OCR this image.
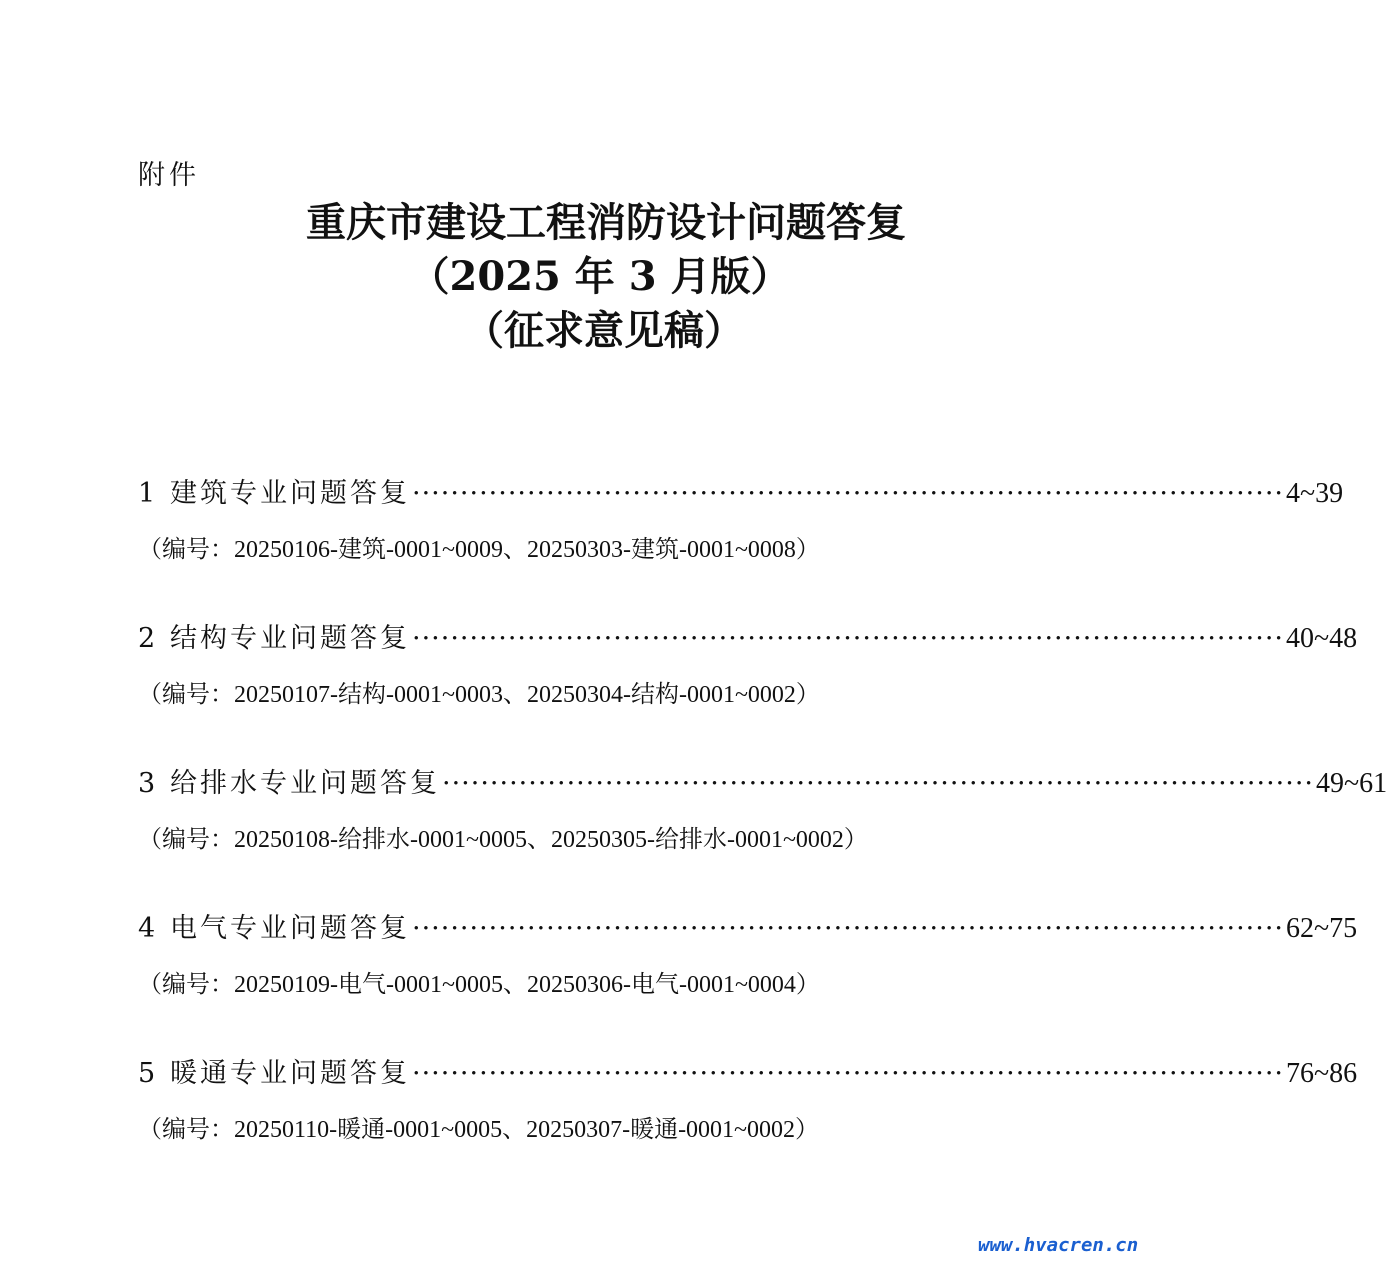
附件
重庆市建设工程消防设计问题答复
（2025 年 3 月版）
（征求意见稿）
1 建筑专业问题答复 ··························································································· 4~39
（编号：20250106-建筑-0001~0009、20250303-建筑-0001~0008）
2 结构专业问题答复 ··························································································· 40~48
（编号：20250107-结构-0001~0003、20250304-结构-0001~0002）
3 给排水专业问题答复 ··························································································· 49~61
（编号：20250108-给排水-0001~0005、20250305-给排水-0001~0002）
4 电气专业问题答复 ··························································································· 62~75
（编号：20250109-电气-0001~0005、20250306-电气-0001~0004）
5 暖通专业问题答复 ··························································································· 76~86
（编号：20250110-暖通-0001~0005、20250307-暖通-0001~0002）
www.hvacren.cn
